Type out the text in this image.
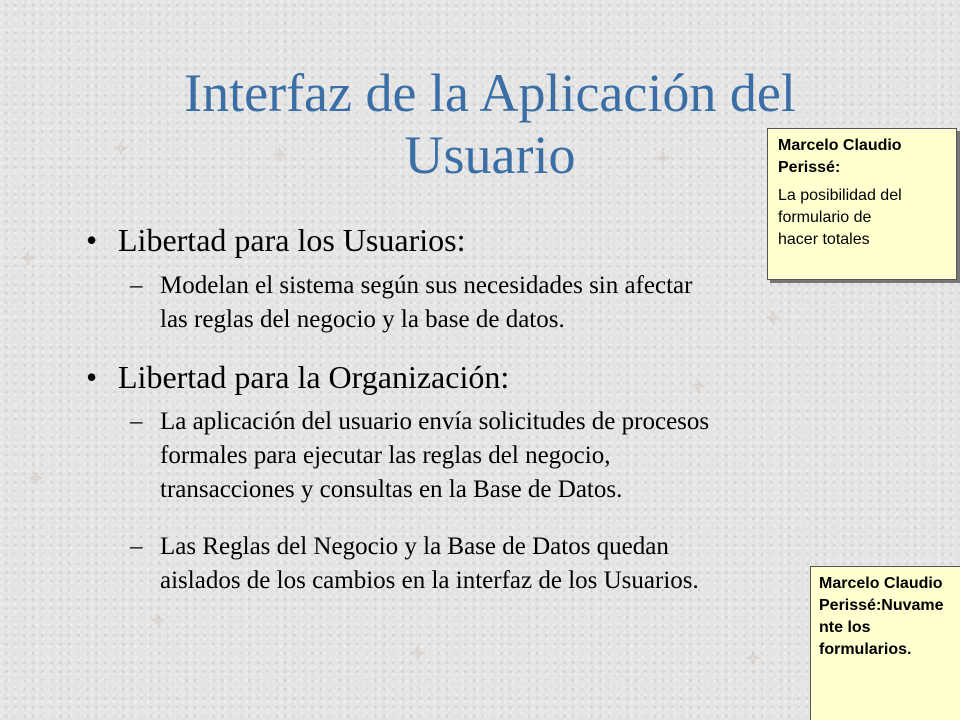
Interfaz de la Aplicación del
Usuario
• Libertad para los Usuarios:
– Modelan el sistema según sus necesidades sin afectar
las reglas del negocio y la base de datos.
• Libertad para la Organización:
– La aplicación del usuario envía solicitudes de procesos
formales para ejecutar las reglas del negocio,
transacciones y consultas en la Base de Datos.
– Las Reglas del Negocio y la Base de Datos quedan
aislados de los cambios en la interfaz de los Usuarios.
Marcelo Claudio
Perissé:
La posibilidad del
formulario de
hacer totales
Marcelo Claudio
Perissé:Nuvame
nte los
formularios.
